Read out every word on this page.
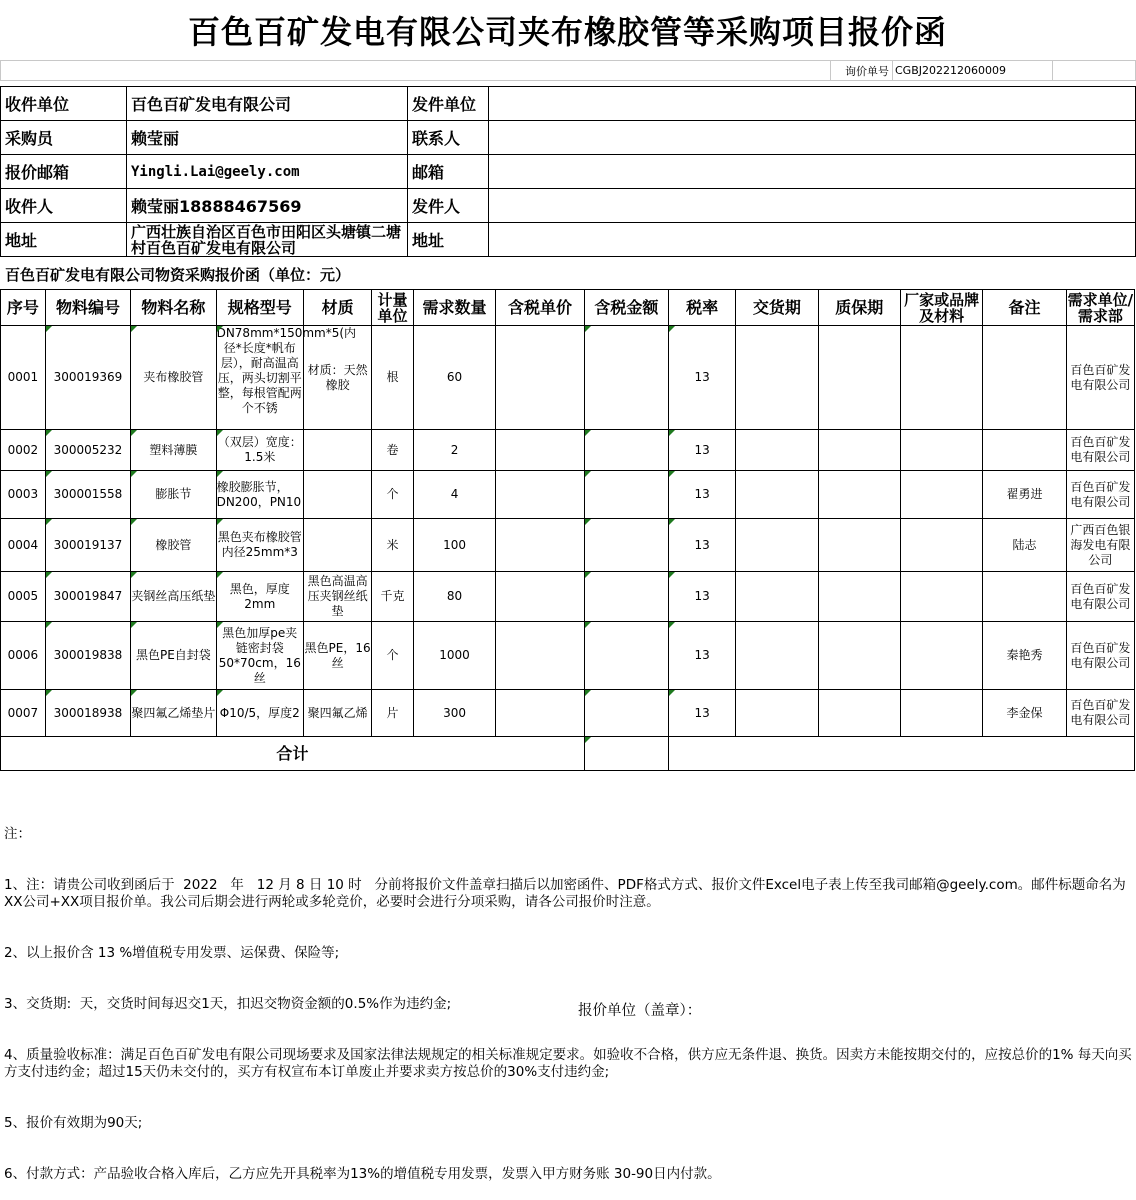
百色百矿发电有限公司夹布橡胶管等采购项目报价函
	询价单号	CGBJ202212060009	
收件单位	百色百矿发电有限公司	发件单位	
采购员	赖莹丽	联系人	
报价邮箱	Yingli.Lai@geely.com	邮箱	
收件人	赖莹丽18888467569	发件人	
地址	广西壮族自治区百色市田阳区头塘镇二塘村百色百矿发电有限公司	地址	
百色百矿发电有限公司物资采购报价函（单位：元）
序号	物料编号	物料名称	规格型号	材质	计量单位	需求数量	含税单价	含税金额	税率	交货期	质保期	厂家或品牌及材料	备注	需求单位/需求部
0001	300019369	夹布橡胶管	DN78mm*150mm*5(内径*长度*帆布层），耐高温高压，两头切割平整，每根管配两个不锈	材质：天然橡胶	根	60			13					百色百矿发电有限公司
0002	300005232	塑料薄膜	（双层）宽度：1.5米		卷	2			13					百色百矿发电有限公司
0003	300001558	膨胀节	橡胶膨胀节，DN200，PN10		个	4			13				翟勇进	百色百矿发电有限公司
0004	300019137	橡胶管	黑色夹布橡胶管内径25mm*3		米	100			13				陆志	广西百色银海发电有限公司
0005	300019847	夹钢丝高压纸垫	黑色，厚度2mm	黑色高温高压夹钢丝纸垫	千克	80			13					百色百矿发电有限公司
0006	300019838	黑色PE自封袋	黑色加厚pe夹链密封袋50*70cm，16丝	黑色PE，16丝	个	1000			13				秦艳秀	百色百矿发电有限公司
0007	300018938	聚四氟乙烯垫片	Φ10/5，厚度2	聚四氟乙烯	片	300			13				李金保	百色百矿发电有限公司
合计														

注：

1、注：请贵公司收到函后于  2022   年   12 月 8 日 10 时   分前将报价文件盖章扫描后以加密函件、PDF格式方式、报价文件Excel电子表上传至我司邮箱@geely.com。邮件标题命名为XX公司+XX项目报价单。我公司后期会进行两轮或多轮竞价，必要时会进行分项采购，请各公司报价时注意。

2、以上报价含 13 %增值税专用发票、运保费、保险等;

3、交货期:  天，交货时间每迟交1天，扣迟交物资金额的0.5%作为违约金;

4、质量验收标准：满足百色百矿发电有限公司现场要求及国家法律法规规定的相关标准规定要求。如验收不合格，供方应无条件退、换货。因卖方未能按期交付的，应按总价的1% 每天向买方支付违约金；超过15天仍未交付的，买方有权宣布本订单废止并要求卖方按总价的30%支付违约金;

5、报价有效期为90天;

6、付款方式：产品验收合格入库后，乙方应先开具税率为13%的增值税专用发票，发票入甲方财务账 30-90日内付款。

报价单位（盖章）：
